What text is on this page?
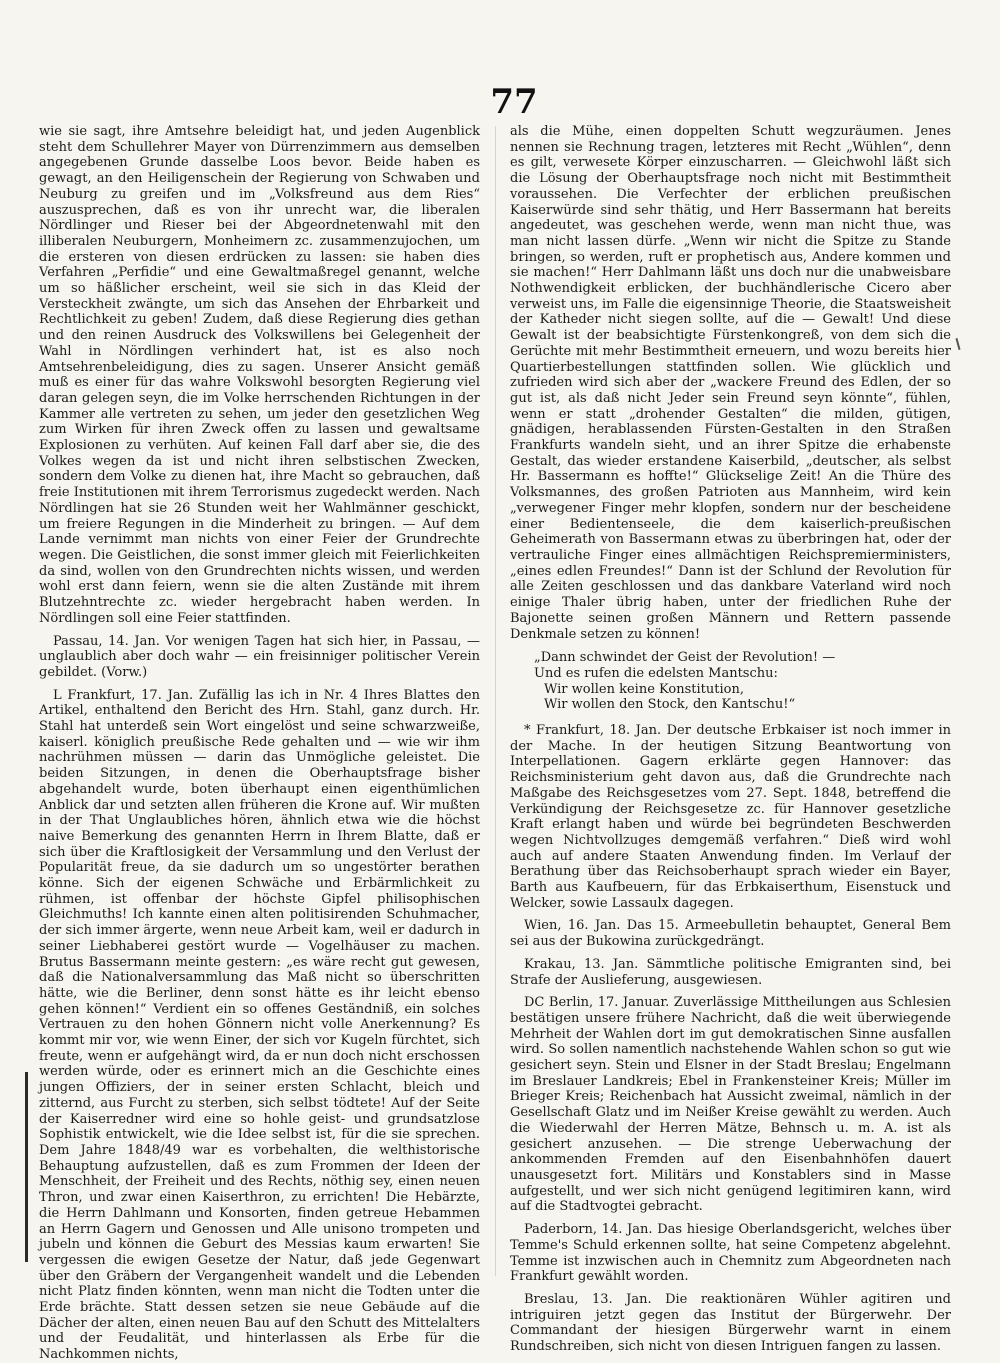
77

wie sie sagt, ihre Amtsehre beleidigt hat, und jeden Augenblick steht dem Schullehrer Mayer von Dürrenzimmern aus demselben angegebenen Grunde dasselbe Loos bevor. Beide haben es gewagt, an den Heiligenschein der Regierung von Schwaben und Neuburg zu greifen und im „Volksfreund aus dem Ries“ auszusprechen, daß es von ihr unrecht war, die liberalen Nördlinger und Rieser bei der Abgeordnetenwahl mit den illiberalen Neuburgern, Monheimern zc. zusammenzujochen, um die ersteren von diesen erdrücken zu lassen: sie haben dies Verfahren „Perfidie“ und eine Gewaltmaßregel genannt, welche um so häßlicher erscheint, weil sie sich in das Kleid der Versteckheit zwängte, um sich das Ansehen der Ehrbarkeit und Rechtlichkeit zu geben! Zudem, daß diese Regierung dies gethan und den reinen Ausdruck des Volkswillens bei Gelegenheit der Wahl in Nördlingen verhindert hat, ist es also noch Amtsehrenbeleidigung, dies zu sagen. Unserer Ansicht gemäß muß es einer für das wahre Volkswohl besorgten Regierung viel daran gelegen seyn, die im Volke herrschenden Richtungen in der Kammer alle vertreten zu sehen, um jeder den gesetzlichen Weg zum Wirken für ihren Zweck offen zu lassen und gewaltsame Explosionen zu verhüten. Auf keinen Fall darf aber sie, die des Volkes wegen da ist und nicht ihren selbstischen Zwecken, sondern dem Volke zu dienen hat, ihre Macht so gebrauchen, daß freie Institutionen mit ihrem Terrorismus zugedeckt werden. Nach Nördlingen hat sie 26 Stunden weit her Wahlmänner geschickt, um freiere Regungen in die Minderheit zu bringen. — Auf dem Lande vernimmt man nichts von einer Feier der Grundrechte wegen. Die Geistlichen, die sonst immer gleich mit Feierlichkeiten da sind, wollen von den Grundrechten nichts wissen, und werden wohl erst dann feiern, wenn sie die alten Zustände mit ihrem Blutzehntrechte zc. wieder hergebracht haben werden. In Nördlingen soll eine Feier stattfinden.

Passau, 14. Jan. Vor wenigen Tagen hat sich hier, in Passau, — unglaublich aber doch wahr — ein freisinniger politischer Verein gebildet. (Vorw.)

L Frankfurt, 17. Jan. Zufällig las ich in Nr. 4 Ihres Blattes den Artikel, enthaltend den Bericht des Hrn. Stahl, ganz durch. Hr. Stahl hat unterdeß sein Wort eingelöst und seine schwarzweiße, kaiserl. königlich preußische Rede gehalten und — wie wir ihm nachrühmen müssen — darin das Unmögliche geleistet. Die beiden Sitzungen, in denen die Oberhauptsfrage bisher abgehandelt wurde, boten überhaupt einen eigenthümlichen Anblick dar und setzten allen früheren die Krone auf. Wir mußten in der That Unglaubliches hören, ähnlich etwa wie die höchst naive Bemerkung des genannten Herrn in Ihrem Blatte, daß er sich über die Kraftlosigkeit der Versammlung und den Verlust der Popularität freue, da sie dadurch um so ungestörter berathen könne. Sich der eigenen Schwäche und Erbärmlichkeit zu rühmen, ist offenbar der höchste Gipfel philisophischen Gleichmuths! Ich kannte einen alten politisirenden Schuhmacher, der sich immer ärgerte, wenn neue Arbeit kam, weil er dadurch in seiner Liebhaberei gestört wurde — Vogelhäuser zu machen. Brutus Bassermann meinte gestern: „es wäre recht gut gewesen, daß die Nationalversammlung das Maß nicht so überschritten hätte, wie die Berliner, denn sonst hätte es ihr leicht ebenso gehen können!“ Verdient ein so offenes Geständniß, ein solches Vertrauen zu den hohen Gönnern nicht volle Anerkennung? Es kommt mir vor, wie wenn Einer, der sich vor Kugeln fürchtet, sich freute, wenn er aufgehängt wird, da er nun doch nicht erschossen werden würde, oder es erinnert mich an die Geschichte eines jungen Offiziers, der in seiner ersten Schlacht, bleich und zitternd, aus Furcht zu sterben, sich selbst tödtete! Auf der Seite der Kaiserredner wird eine so hohle geist- und grundsatzlose Sophistik entwickelt, wie die Idee selbst ist, für die sie sprechen. Dem Jahre 1848/49 war es vorbehalten, die welthistorische Behauptung aufzustellen, daß es zum Frommen der Ideen der Menschheit, der Freiheit und des Rechts, nöthig sey, einen neuen Thron, und zwar einen Kaiserthron, zu errichten! Die Hebärzte, die Herrn Dahlmann und Konsorten, finden getreue Hebammen an Herrn Gagern und Genossen und Alle unisono trompeten und jubeln und können die Geburt des Messias kaum erwarten! Sie vergessen die ewigen Gesetze der Natur, daß jede Gegenwart über den Gräbern der Vergangenheit wandelt und die Lebenden nicht Platz finden könnten, wenn man nicht die Todten unter die Erde brächte. Statt dessen setzen sie neue Gebäude auf die Dächer der alten, einen neuen Bau auf den Schutt des Mittelalters und der Feudalität, und hinterlassen als Erbe für die Nachkommen nichts,

als die Mühe, einen doppelten Schutt wegzuräumen. Jenes nennen sie Rechnung tragen, letzteres mit Recht „Wühlen“, denn es gilt, verwesete Körper einzuscharren. — Gleichwohl läßt sich die Lösung der Oberhauptsfrage noch nicht mit Bestimmtheit voraussehen. Die Verfechter der erblichen preußischen Kaiserwürde sind sehr thätig, und Herr Bassermann hat bereits angedeutet, was geschehen werde, wenn man nicht thue, was man nicht lassen dürfe. „Wenn wir nicht die Spitze zu Stande bringen, so werden, ruft er prophetisch aus, Andere kommen und sie machen!“ Herr Dahlmann läßt uns doch nur die unabweisbare Nothwendigkeit erblicken, der buchhändlerische Cicero aber verweist uns, im Falle die eigensinnige Theorie, die Staatsweisheit der Katheder nicht siegen sollte, auf die — Gewalt! Und diese Gewalt ist der beabsichtigte Fürstenkongreß, von dem sich die Gerüchte mit mehr Bestimmtheit erneuern, und wozu bereits hier Quartierbestellungen stattfinden sollen. Wie glücklich und zufrieden wird sich aber der „wackere Freund des Edlen, der so gut ist, als daß nicht Jeder sein Freund seyn könnte“, fühlen, wenn er statt „drohender Gestalten“ die milden, gütigen, gnädigen, herablassenden Fürsten-Gestalten in den Straßen Frankfurts wandeln sieht, und an ihrer Spitze die erhabenste Gestalt, das wieder erstandene Kaiserbild, „deutscher, als selbst Hr. Bassermann es hoffte!“ Glückselige Zeit! An die Thüre des Volksmannes, des großen Patrioten aus Mannheim, wird kein „verwegener Finger mehr klopfen, sondern nur der bescheidene einer Bedientenseele, die dem kaiserlich-preußischen Geheimerath von Bassermann etwas zu überbringen hat, oder der vertrauliche Finger eines allmächtigen Reichspremierministers, „eines edlen Freundes!“ Dann ist der Schlund der Revolution für alle Zeiten geschlossen und das dankbare Vaterland wird noch einige Thaler übrig haben, unter der friedlichen Ruhe der Bajonette seinen großen Männern und Rettern passende Denkmale setzen zu können!

„Dann schwindet der Geist der Revolution! —
Und es rufen die edelsten Mantschu:
Wir wollen keine Konstitution,
Wir wollen den Stock, den Kantschu!“

* Frankfurt, 18. Jan. Der deutsche Erbkaiser ist noch immer in der Mache. In der heutigen Sitzung Beantwortung von Interpellationen. Gagern erklärte gegen Hannover: das Reichsministerium geht davon aus, daß die Grundrechte nach Maßgabe des Reichsgesetzes vom 27. Sept. 1848, betreffend die Verkündigung der Reichsgesetze zc. für Hannover gesetzliche Kraft erlangt haben und würde bei begründeten Beschwerden wegen Nichtvollzuges demgemäß verfahren.“ Dieß wird wohl auch auf andere Staaten Anwendung finden. Im Verlauf der Berathung über das Reichsoberhaupt sprach wieder ein Bayer, Barth aus Kaufbeuern, für das Erbkaiserthum, Eisenstuck und Welcker, sowie Lassaulx dagegen.

Wien, 16. Jan. Das 15. Armeebulletin behauptet, General Bem sei aus der Bukowina zurückgedrängt.

Krakau, 13. Jan. Sämmtliche politische Emigranten sind, bei Strafe der Auslieferung, ausgewiesen.

DC Berlin, 17. Januar. Zuverlässige Mittheilungen aus Schlesien bestätigen unsere frühere Nachricht, daß die weit überwiegende Mehrheit der Wahlen dort im gut demokratischen Sinne ausfallen wird. So sollen namentlich nachstehende Wahlen schon so gut wie gesichert seyn. Stein und Elsner in der Stadt Breslau; Engelmann im Breslauer Landkreis; Ebel in Frankensteiner Kreis; Müller im Brieger Kreis; Reichenbach hat Aussicht zweimal, nämlich in der Gesellschaft Glatz und im Neißer Kreise gewählt zu werden. Auch die Wiederwahl der Herren Mätze, Behnsch u. m. A. ist als gesichert anzusehen. — Die strenge Ueberwachung der ankommenden Fremden auf den Eisenbahnhöfen dauert unausgesetzt fort. Militärs und Konstablers sind in Masse aufgestellt, und wer sich nicht genügend legitimiren kann, wird auf die Stadtvogtei gebracht.

Paderborn, 14. Jan. Das hiesige Oberlandsgericht, welches über Temme's Schuld erkennen sollte, hat seine Competenz abgelehnt. Temme ist inzwischen auch in Chemnitz zum Abgeordneten nach Frankfurt gewählt worden.

Breslau, 13. Jan. Die reaktionären Wühler agitiren und intriguiren jetzt gegen das Institut der Bürgerwehr. Der Commandant der hiesigen Bürgerwehr warnt in einem Rundschreiben, sich nicht von diesen Intriguen fangen zu lassen.
